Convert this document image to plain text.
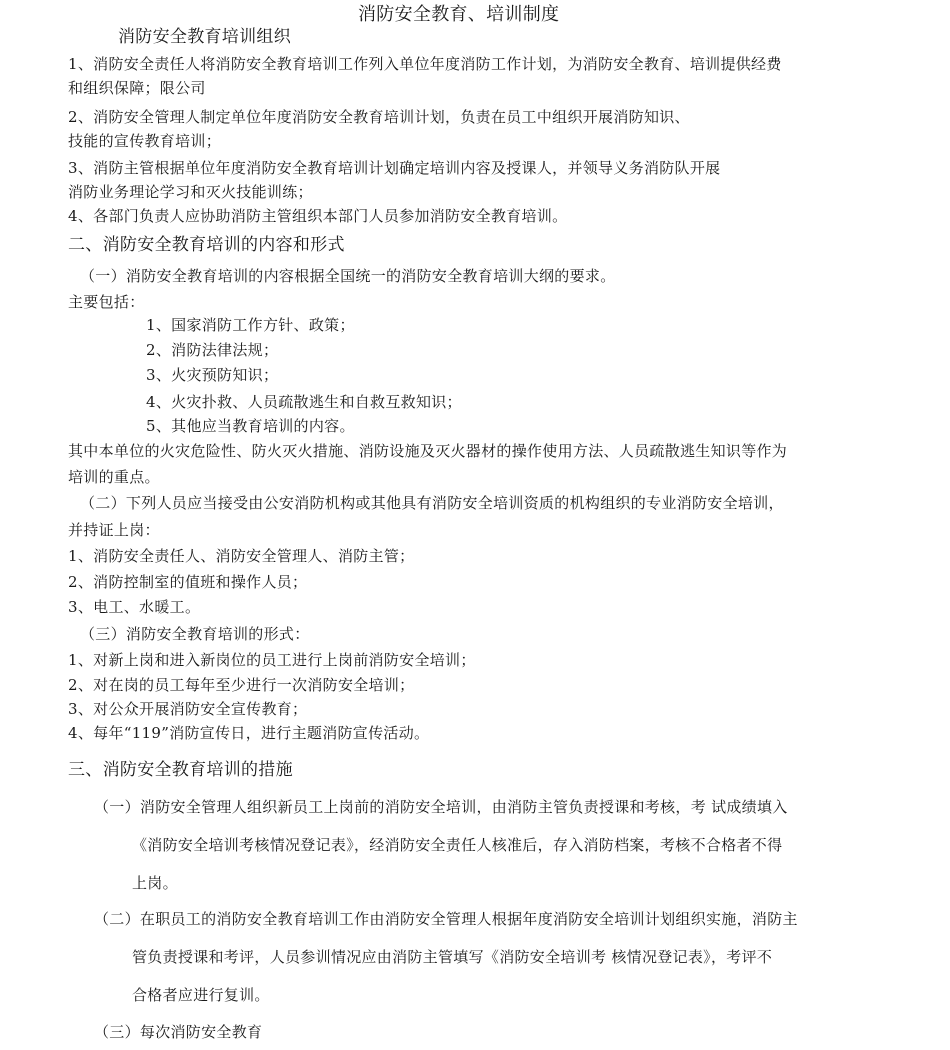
消防安全教育、培训制度
消防安全教育培训组织
1、消防安全责任人将消防安全教育培训工作列入单位年度消防工作计划，为消防安全教育、培训提供经费
和组织保障；限公司
2、消防安全管理人制定单位年度消防安全教育培训计划，负责在员工中组织开展消防知识、
技能的宣传教育培训；
3、消防主管根据单位年度消防安全教育培训计划确定培训内容及授课人，并领导义务消防队开展
消防业务理论学习和灭火技能训练；
4、各部门负责人应协助消防主管组织本部门人员参加消防安全教育培训。
二、消防安全教育培训的内容和形式
（一）消防安全教育培训的内容根据全国统一的消防安全教育培训大纲的要求。
主要包括：
1、国家消防工作方针、政策；
2、消防法律法规；
3、火灾预防知识；
4、火灾扑救、人员疏散逃生和自救互救知识；
5、其他应当教育培训的内容。
其中本单位的火灾危险性、防火灭火措施、消防设施及灭火器材的操作使用方法、人员疏散逃生知识等作为
培训的重点。
（二）下列人员应当接受由公安消防机构或其他具有消防安全培训资质的机构组织的专业消防安全培训，
并持证上岗：
1、消防安全责任人、消防安全管理人、消防主管；
2、消防控制室的值班和操作人员；
3、电工、水暖工。
（三）消防安全教育培训的形式：
1、对新上岗和进入新岗位的员工进行上岗前消防安全培训；
2、对在岗的员工每年至少进行一次消防安全培训；
3、对公众开展消防安全宣传教育；
4、每年“119”消防宣传日，进行主题消防宣传活动。
三、消防安全教育培训的措施
（一）消防安全管理人组织新员工上岗前的消防安全培训，由消防主管负责授课和考核，考 试成绩填入
《消防安全培训考核情况登记表》，经消防安全责任人核准后，存入消防档案，考核不合格者不得
上岗。
（二）在职员工的消防安全教育培训工作由消防安全管理人根据年度消防安全培训计划组织实施，消防主
管负责授课和考评，人员参训情况应由消防主管填写《消防安全培训考 核情况登记表》，考评不
合格者应进行复训。
（三）每次消防安全教育
